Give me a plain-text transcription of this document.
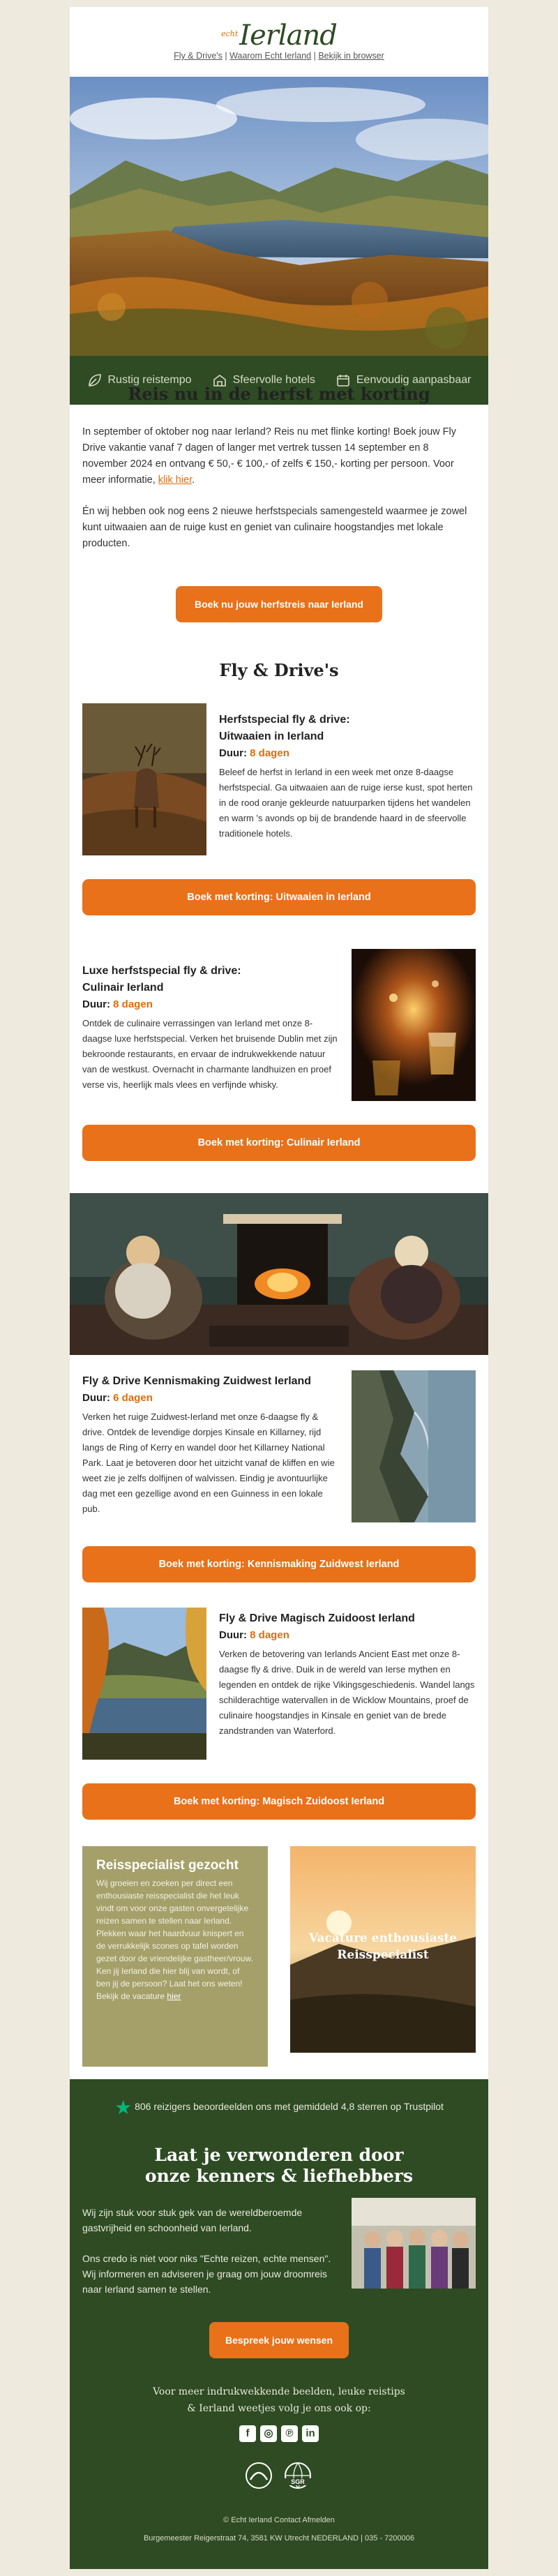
echtIerland
Fly & Drive's | Waarom Echt Ierland | Bekijk in browser
Rustig reistempo	Sfeervolle hotels	Eenvoudig aanpasbaar
Reis nu in de herfst met korting

In september of oktober nog naar Ierland? Reis nu met flinke korting! Boek jouw Fly Drive vakantie vanaf 7 dagen of langer met vertrek tussen 14 september en 8 november 2024 en ontvang € 50,- € 100,- of zelfs € 150,- korting per persoon. Voor meer informatie, klik hier.

Én wij hebben ook nog eens 2 nieuwe herfstspecials samengesteld waarmee je zowel kunt uitwaaien aan de ruige kust en geniet van culinaire hoogstandjes met lokale producten.

Boek nu jouw herfstreis naar Ierland
Fly & Drive's
Herfstspecial fly & drive:
Uitwaaien in Ierland
Duur: 8 dagen
Beleef de herfst in Ierland in een week met onze 8-daagse herfstspecial. Ga uitwaaien aan de ruige ierse kust, spot herten in de rood oranje gekleurde natuurparken tijdens het wandelen en warm 's avonds op bij de brandende haard in de sfeervolle traditionele hotels.
Boek met korting: Uitwaaien in Ierland
Luxe herfstspecial fly & drive:
Culinair Ierland
Duur: 8 dagen
Ontdek de culinaire verrassingen van Ierland met onze 8-daagse luxe herfstspecial. Verken het bruisende Dublin met zijn bekroonde restaurants, en ervaar de indrukwekkende natuur van de westkust. Overnacht in charmante landhuizen en proef verse vis, heerlijk mals vlees en verfijnde whisky.
Boek met korting: Culinair Ierland
Fly & Drive Kennismaking Zuidwest Ierland
Duur: 6 dagen
Verken het ruige Zuidwest-Ierland met onze 6-daagse fly & drive. Ontdek de levendige dorpjes Kinsale en Killarney, rijd langs de Ring of Kerry en wandel door het Killarney National Park. Laat je betoveren door het uitzicht vanaf de kliffen en wie weet zie je zelfs dolfijnen of walvissen. Eindig je avontuurlijke dag met een gezellige avond en een Guinness in een lokale pub.
Boek met korting: Kennismaking Zuidwest Ierland
Fly & Drive Magisch Zuidoost Ierland
Duur: 8 dagen
Verken de betovering van Ierlands Ancient East met onze 8-daagse fly & drive. Duik in de wereld van Ierse mythen en legenden en ontdek de rijke Vikingsgeschiedenis. Wandel langs schilderachtige watervallen in de Wicklow Mountains, proef de culinaire hoogstandjes in Kinsale en geniet van de brede zandstranden van Waterford.
Boek met korting: Magisch Zuidoost Ierland
Reisspecialist gezocht
Wij groeien en zoeken per direct een enthousiaste reisspecialist die het leuk vindt om voor onze gasten onvergetelijke reizen samen te stellen naar Ierland. Plekken waar het haardvuur knispert en de verrukkelijk scones op tafel worden gezet door de vriendelijke gastheer/vrouw. Ken jij Ierland die hier blij van wordt, of ben jij de persoon? Laat het ons weten! Bekijk de vacature hier
Vacature enthousiaste
Reisspecialist
★ 806 reizigers beoordeelden ons met gemiddeld 4,8 sterren op Trustpilot
Laat je verwonderen door
onze kenners & liefhebbers

Wij zijn stuk voor stuk gek van de wereldberoemde gastvrijheid en schoonheid van Ierland.

Ons credo is niet voor niks "Echte reizen, echte mensen". Wij informeren en adviseren je graag om jouw droomreis naar Ierland samen te stellen.

Bespreek jouw wensen
Voor meer indrukwekkende beelden, leuke reistips
& Ierland weetjes volg je ons ook op:
f	◎	℗	in
SGR
© Echt Ierland Contact Afmelden
Burgemeester Reigerstraat 74, 3581 KW Utrecht NEDERLAND | 035 - 7200006
